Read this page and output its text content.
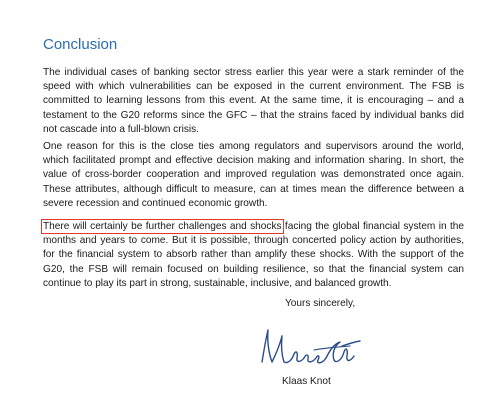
Conclusion

The individual cases of banking sector stress earlier this year were a stark reminder of the speed with which vulnerabilities can be exposed in the current environment. The FSB is committed to learning lessons from this event. At the same time, it is encouraging – and a testament to the G20 reforms since the GFC – that the strains faced by individual banks did not cascade into a full-blown crisis.

One reason for this is the close ties among regulators and supervisors around the world, which facilitated prompt and effective decision making and information sharing. In short, the value of cross-border cooperation and improved regulation was demonstrated once again. These attributes, although difficult to measure, can at times mean the difference between a severe recession and continued economic growth.

There will certainly be further challenges and shocks facing the global financial system in the months and years to come. But it is possible, through concerted policy action by authorities, for the financial system to absorb rather than amplify these shocks. With the support of the G20, the FSB will remain focused on building resilience, so that the financial system can continue to play its part in strong, sustainable, inclusive, and balanced growth.

Yours sincerely,

Klaas Knot
